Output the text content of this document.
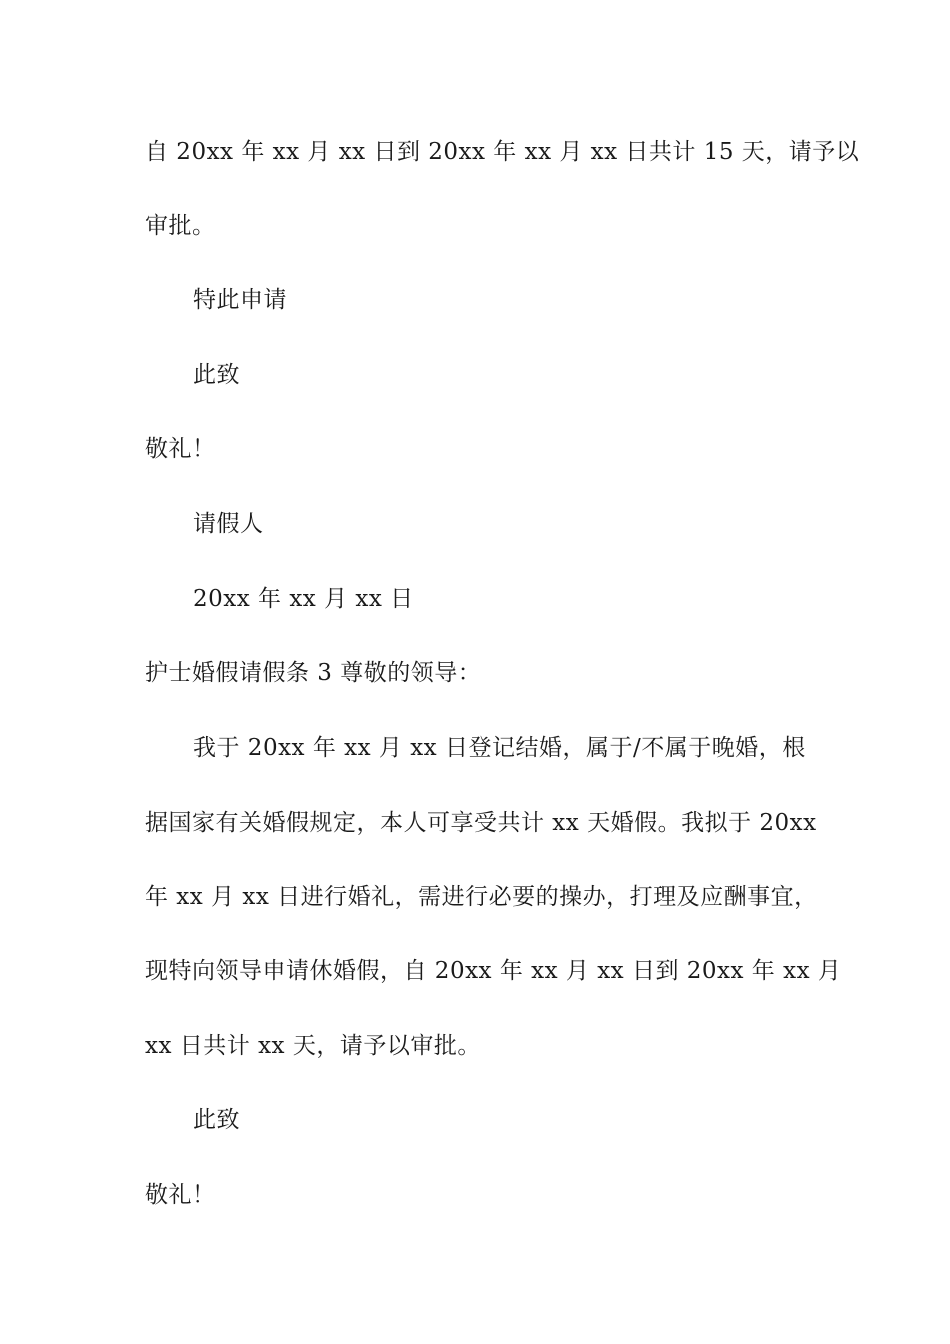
自 20xx 年 xx 月 xx 日到 20xx 年 xx 月 xx 日共计 15 天，请予以
审批。
特此申请
此致
敬礼！
请假人
20xx 年 xx 月 xx 日
护士婚假请假条 3 尊敬的领导：
我于 20xx 年 xx 月 xx 日登记结婚，属于/不属于晚婚，根
据国家有关婚假规定，本人可享受共计 xx 天婚假。我拟于 20xx
年 xx 月 xx 日进行婚礼，需进行必要的操办，打理及应酬事宜，
现特向领导申请休婚假，自 20xx 年 xx 月 xx 日到 20xx 年 xx 月
xx 日共计 xx 天，请予以审批。
此致
敬礼！
